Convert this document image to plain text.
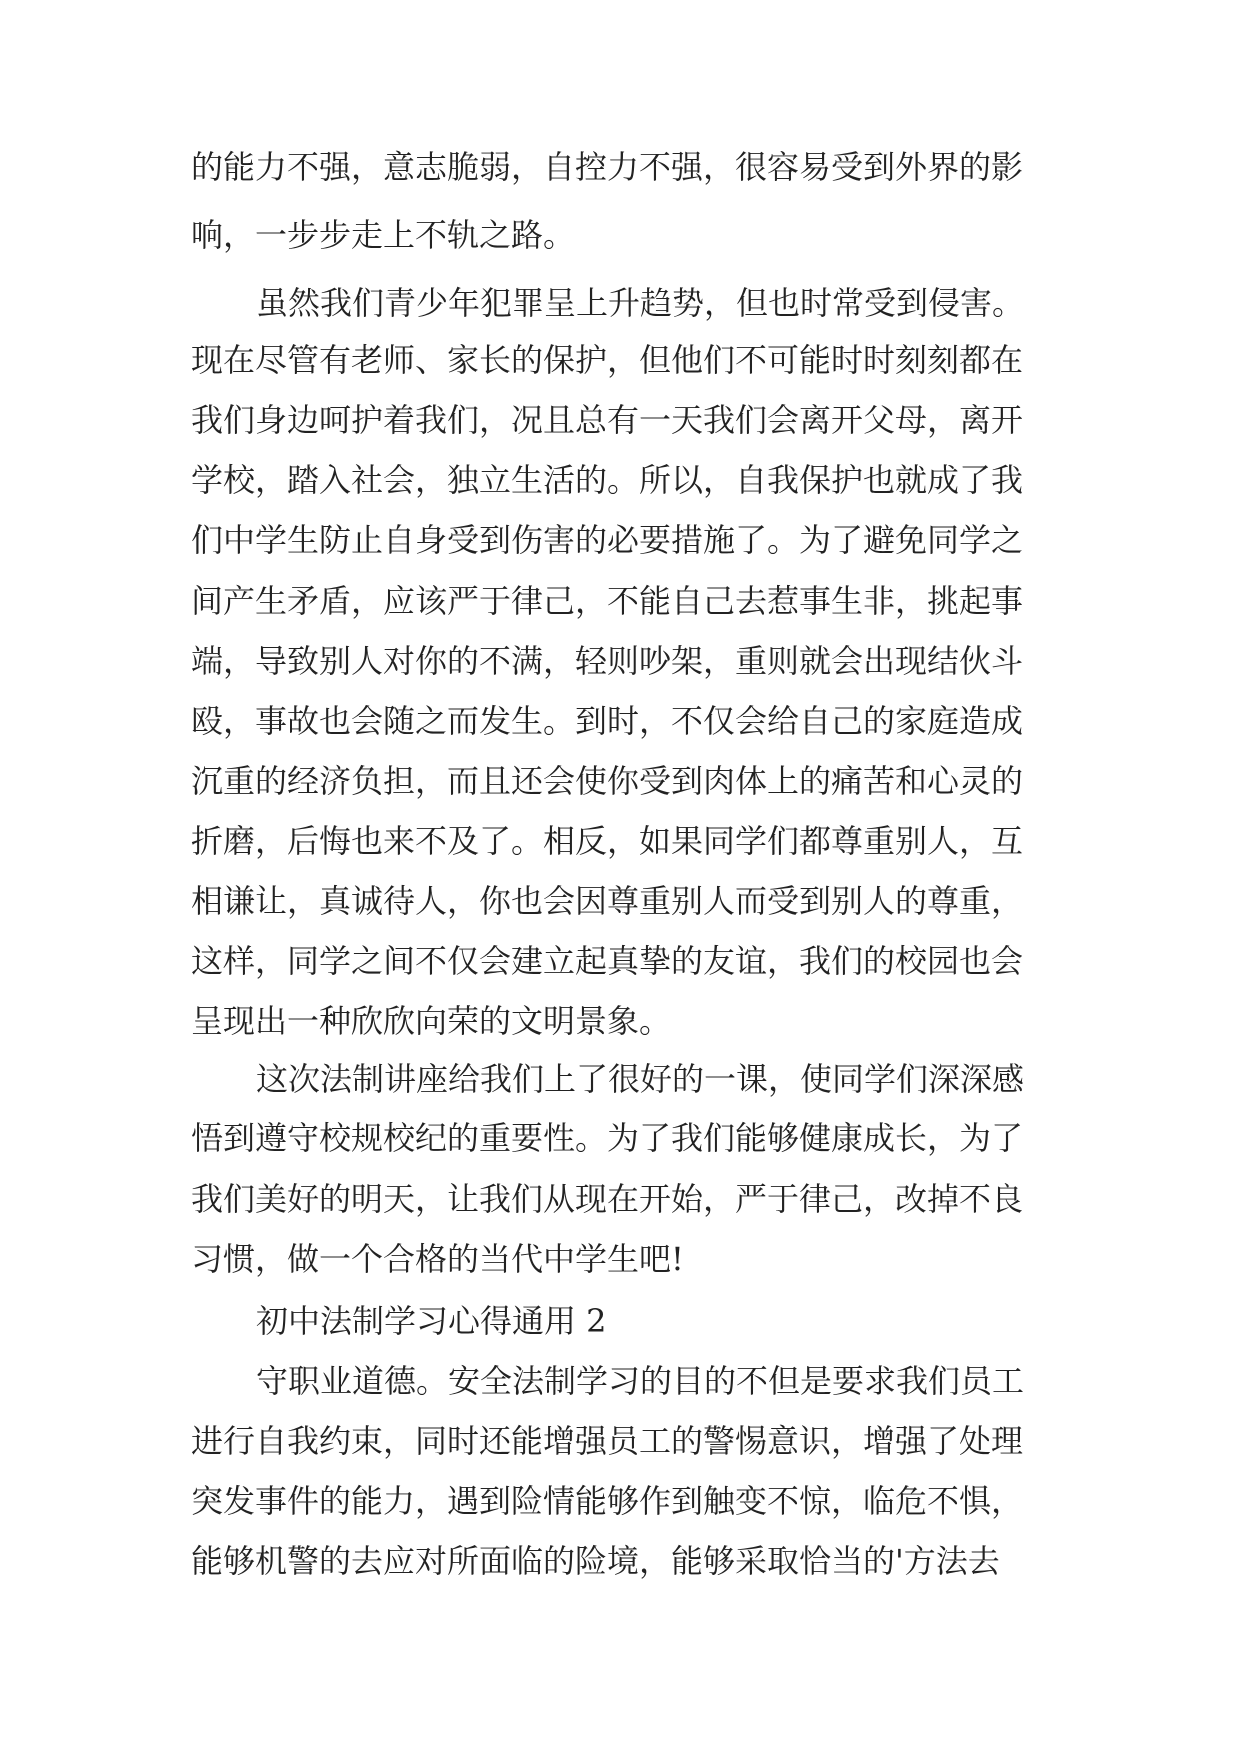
的能力不强，意志脆弱，自控力不强，很容易受到外界的影
响，一步步走上不轨之路。
虽然我们青少年犯罪呈上升趋势，但也时常受到侵害。
现在尽管有老师、家长的保护，但他们不可能时时刻刻都在
我们身边呵护着我们，况且总有一天我们会离开父母，离开
学校，踏入社会，独立生活的。所以，自我保护也就成了我
们中学生防止自身受到伤害的必要措施了。为了避免同学之
间产生矛盾，应该严于律己，不能自己去惹事生非，挑起事
端，导致别人对你的不满，轻则吵架，重则就会出现结伙斗
殴，事故也会随之而发生。到时，不仅会给自己的家庭造成
沉重的经济负担，而且还会使你受到肉体上的痛苦和心灵的
折磨，后悔也来不及了。相反，如果同学们都尊重别人，互
相谦让，真诚待人，你也会因尊重别人而受到别人的尊重，
这样，同学之间不仅会建立起真挚的友谊，我们的校园也会
呈现出一种欣欣向荣的文明景象。
这次法制讲座给我们上了很好的一课，使同学们深深感
悟到遵守校规校纪的重要性。为了我们能够健康成长，为了
我们美好的明天，让我们从现在开始，严于律己，改掉不良
习惯，做一个合格的当代中学生吧!
初中法制学习心得通用 2
守职业道德。安全法制学习的目的不但是要求我们员工
进行自我约束，同时还能增强员工的警惕意识，增强了处理
突发事件的能力，遇到险情能够作到触变不惊，临危不惧，
能够机警的去应对所面临的险境，能够采取恰当的'方法去
